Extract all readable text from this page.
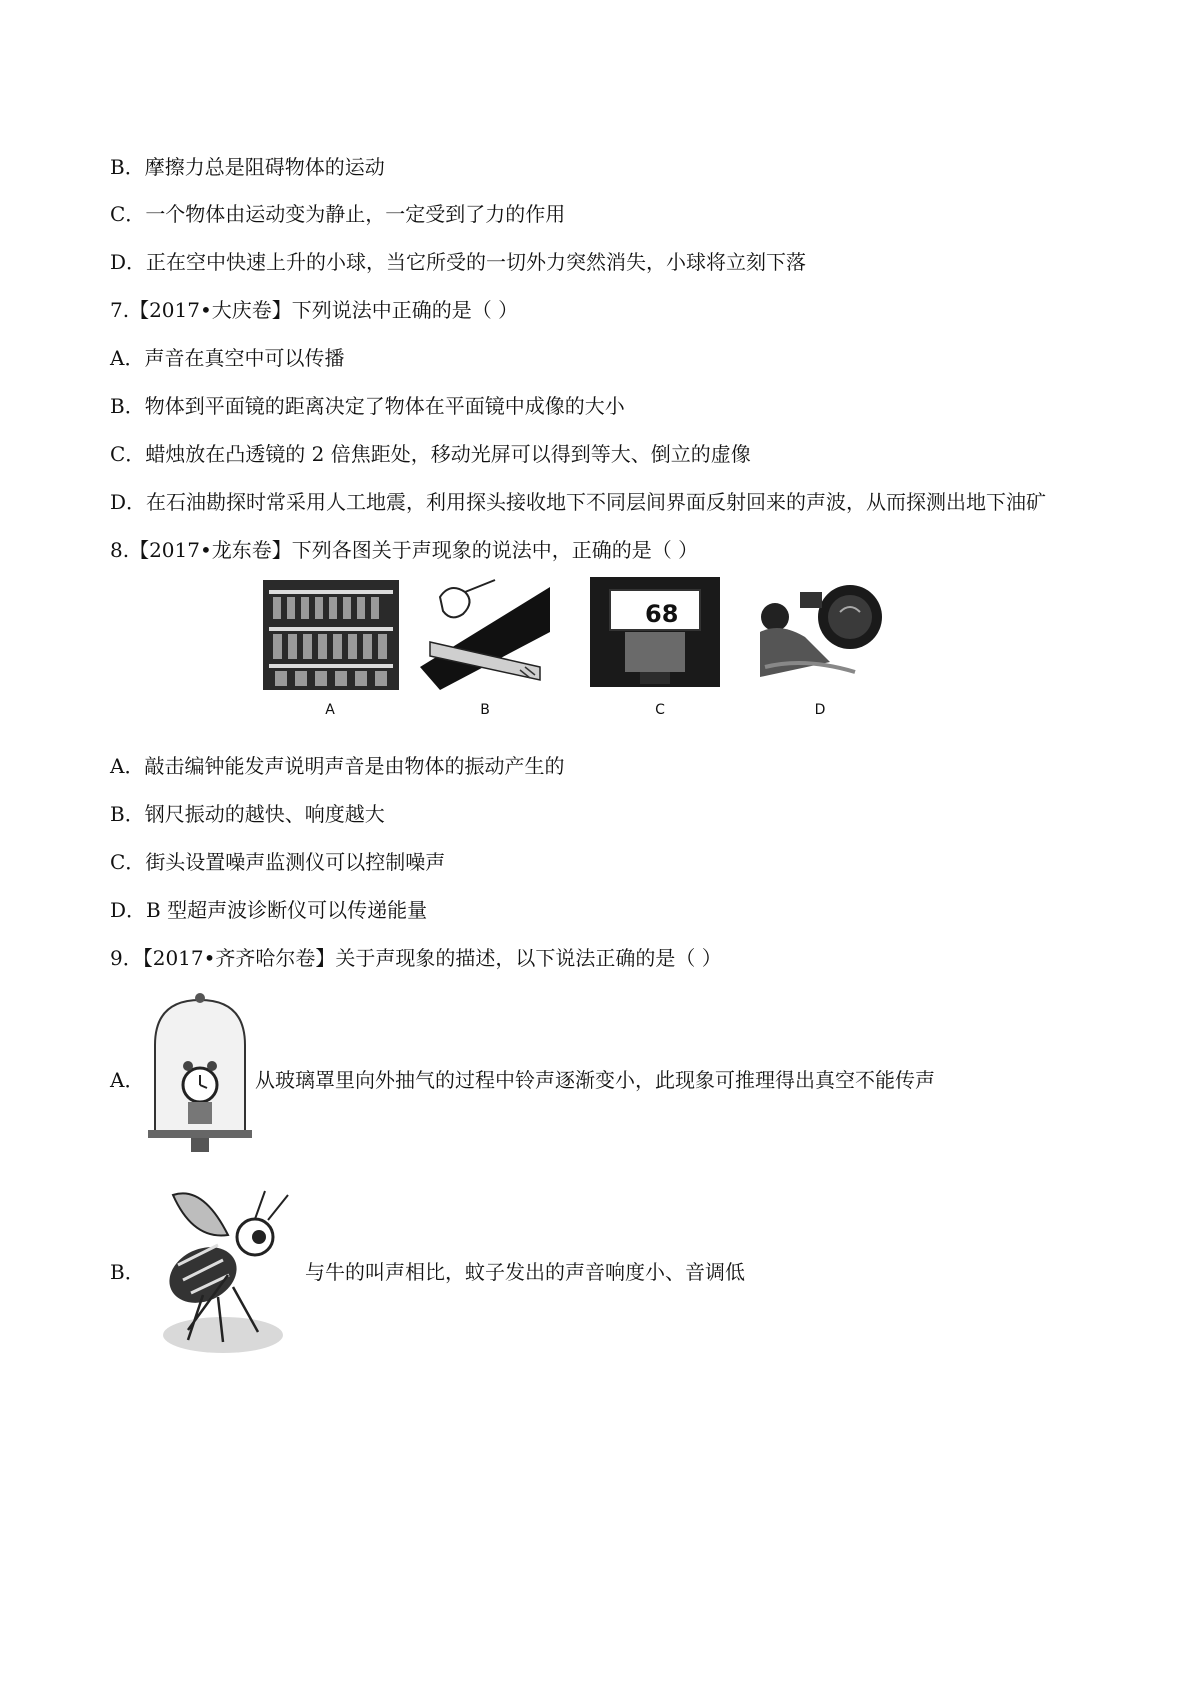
B．摩擦力总是阻碍物体的运动
C．一个物体由运动变为静止，一定受到了力的作用
D．正在空中快速上升的小球，当它所受的一切外力突然消失，小球将立刻下落
7.【2017•大庆卷】下列说法中正确的是（ ）
A．声音在真空中可以传播
B．物体到平面镜的距离决定了物体在平面镜中成像的大小
C．蜡烛放在凸透镜的 2 倍焦距处，移动光屏可以得到等大、倒立的虚像
D．在石油勘探时常采用人工地震，利用探头接收地下不同层间界面反射回来的声波，从而探测出地下油矿
8.【2017•龙东卷】下列各图关于声现象的说法中，正确的是（ ）
A	B
68
C	D
A．敲击编钟能发声说明声音是由物体的振动产生的
B．钢尺振动的越快、响度越大
C．街头设置噪声监测仪可以控制噪声
D．B 型超声波诊断仪可以传递能量
9．【2017•齐齐哈尔卷】关于声现象的描述，以下说法正确的是（ ）
A．	从玻璃罩里向外抽气的过程中铃声逐渐变小，此现象可推理得出真空不能传声
B．	与牛的叫声相比，蚊子发出的声音响度小、音调低
